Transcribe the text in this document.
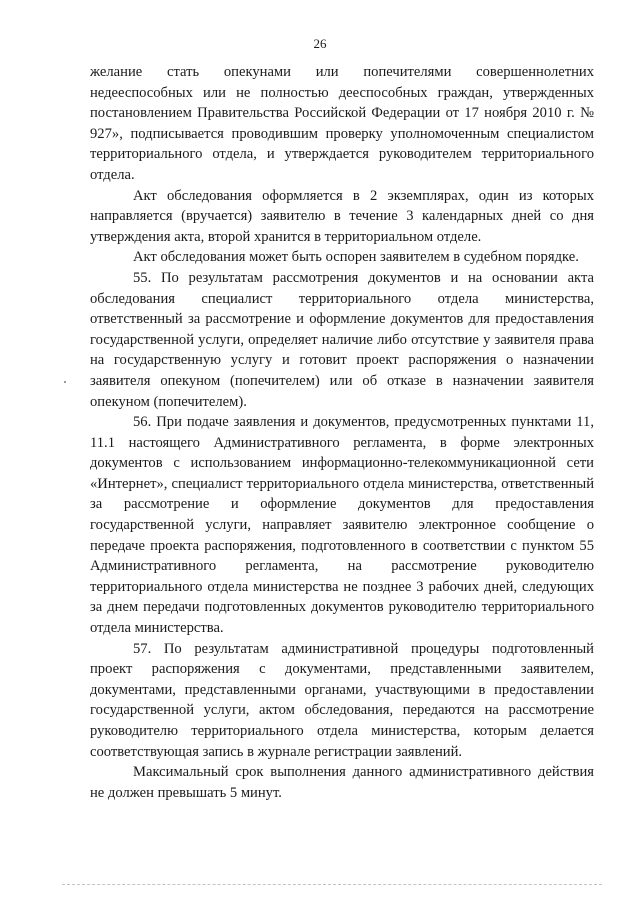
26

желание стать опекунами или попечителями совершеннолетних недееспособных или не полностью дееспособных граждан, утвержденных постановлением Правительства Российской Федерации от 17 ноября 2010 г. № 927», подписывается проводившим проверку уполномоченным специалистом территориального отдела, и утверждается руководителем территориального отдела.

Акт обследования оформляется в 2 экземплярах, один из которых направляется (вручается) заявителю в течение 3 календарных дней со дня утверждения акта, второй хранится в территориальном отделе.

Акт обследования может быть оспорен заявителем в судебном порядке.

55. По результатам рассмотрения документов и на основании акта обследования специалист территориального отдела министерства, ответственный за рассмотрение и оформление документов для предоставления государственной услуги, определяет наличие либо отсутствие у заявителя права на государственную услугу и готовит проект распоряжения о назначении заявителя опекуном (попечителем) или об отказе в назначении заявителя опекуном (попечителем).

56. При подаче заявления и документов, предусмотренных пунктами 11, 11.1 настоящего Административного регламента, в форме электронных документов с использованием информационно-телекоммуникационной сети «Интернет», специалист территориального отдела министерства, ответственный за рассмотрение и оформление документов для предоставления государственной услуги, направляет заявителю электронное сообщение о передаче проекта распоряжения, подготовленного в соответствии с пунктом 55 Административного регламента, на рассмотрение руководителю территориального отдела министерства не позднее 3 рабочих дней, следующих за днем передачи подготовленных документов руководителю территориального отдела министерства.

57. По результатам административной процедуры подготовленный проект распоряжения с документами, представленными заявителем, документами, представленными органами, участвующими в предоставлении государственной услуги, актом обследования, передаются на рассмотрение руководителю территориального отдела министерства, которым делается соответствующая запись в журнале регистрации заявлений.

Максимальный срок выполнения данного административного действия не должен превышать 5 минут.
